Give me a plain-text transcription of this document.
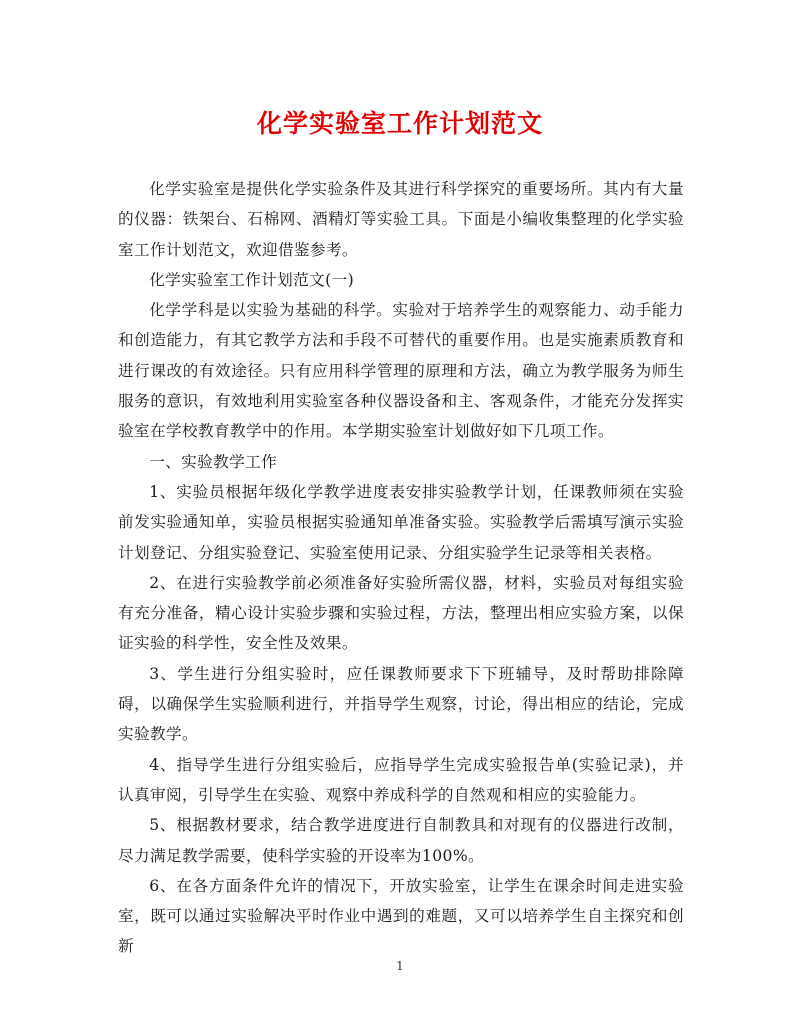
化学实验室工作计划范文

化学实验室是提供化学实验条件及其进行科学探究的重要场所。其内有大量的仪器：铁架台、石棉网、酒精灯等实验工具。下面是小编收集整理的化学实验室工作计划范文，欢迎借鉴参考。

化学实验室工作计划范文(一)

化学学科是以实验为基础的科学。实验对于培养学生的观察能力、动手能力和创造能力，有其它教学方法和手段不可替代的重要作用。也是实施素质教育和进行课改的有效途径。只有应用科学管理的原理和方法，确立为教学服务为师生服务的意识，有效地利用实验室各种仪器设备和主、客观条件，才能充分发挥实验室在学校教育教学中的作用。本学期实验室计划做好如下几项工作。

一、实验教学工作

1、实验员根据年级化学教学进度表安排实验教学计划，任课教师须在实验前发实验通知单，实验员根据实验通知单准备实验。实验教学后需填写演示实验计划登记、分组实验登记、实验室使用记录、分组实验学生记录等相关表格。

2、在进行实验教学前必须准备好实验所需仪器，材料，实验员对每组实验有充分准备，精心设计实验步骤和实验过程，方法，整理出相应实验方案，以保证实验的科学性，安全性及效果。

3、学生进行分组实验时，应任课教师要求下下班辅导，及时帮助排除障碍，以确保学生实验顺利进行，并指导学生观察，讨论，得出相应的结论，完成实验教学。

4、指导学生进行分组实验后，应指导学生完成实验报告单(实验记录)，并认真审阅，引导学生在实验、观察中养成科学的自然观和相应的实验能力。

5、根据教材要求，结合教学进度进行自制教具和对现有的仪器进行改制，尽力满足教学需要，使科学实验的开设率为100%。

6、在各方面条件允许的情况下，开放实验室，让学生在课余时间走进实验室，既可以通过实验解决平时作业中遇到的难题，又可以培养学生自主探究和创新

1
